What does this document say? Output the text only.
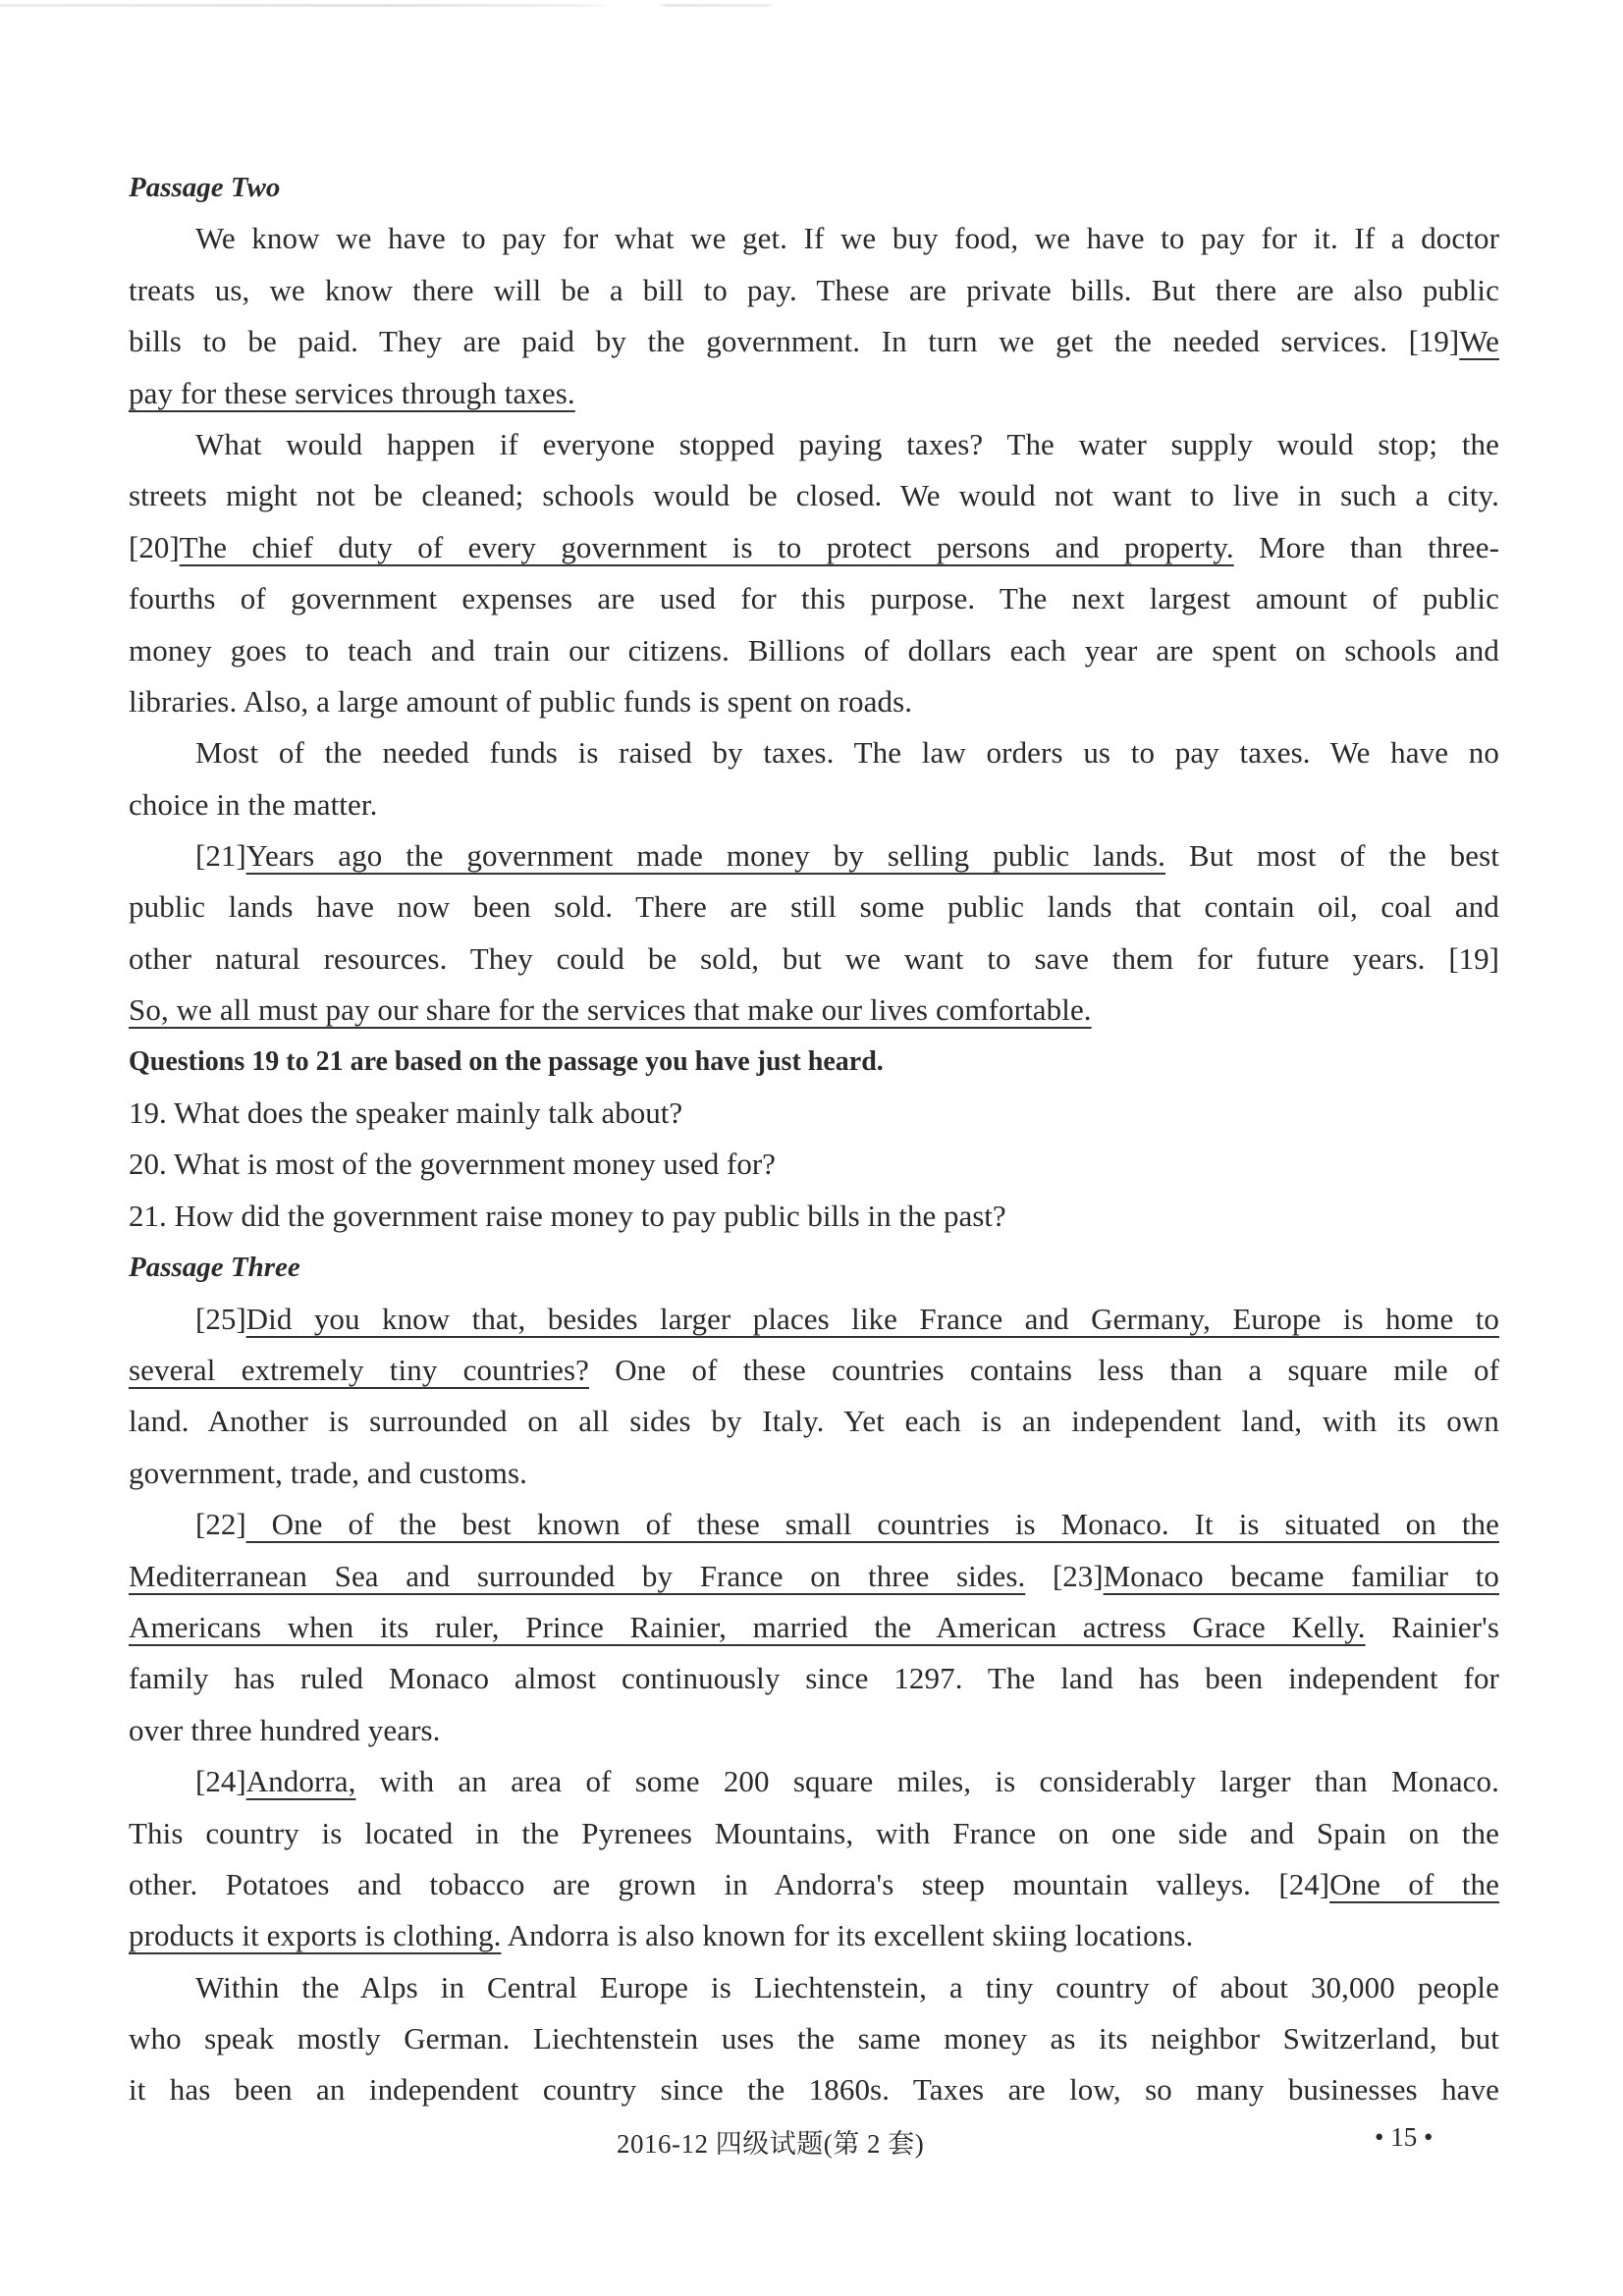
Passage Two
We know we have to pay for what we get. If we buy food, we have to pay for it. If a doctor
treats us, we know there will be a bill to pay. These are private bills. But there are also public
bills to be paid. They are paid by the government. In turn we get the needed services. [19]We
pay for these services through taxes.
What would happen if everyone stopped paying taxes? The water supply would stop; the
streets might not be cleaned; schools would be closed. We would not want to live in such a city.
[20]The chief duty of every government is to protect persons and property. More than three-
fourths of government expenses are used for this purpose. The next largest amount of public
money goes to teach and train our citizens. Billions of dollars each year are spent on schools and
libraries. Also, a large amount of public funds is spent on roads.
Most of the needed funds is raised by taxes. The law orders us to pay taxes. We have no
choice in the matter.
[21]Years ago the government made money by selling public lands. But most of the best
public lands have now been sold. There are still some public lands that contain oil, coal and
other natural resources. They could be sold, but we want to save them for future years. [19]
So, we all must pay our share for the services that make our lives comfortable.
Questions 19 to 21 are based on the passage you have just heard.
19. What does the speaker mainly talk about?
20. What is most of the government money used for?
21. How did the government raise money to pay public bills in the past?
Passage Three
[25]Did you know that, besides larger places like France and Germany, Europe is home to
several extremely tiny countries? One of these countries contains less than a square mile of
land. Another is surrounded on all sides by Italy. Yet each is an independent land, with its own
government, trade, and customs.
[22] One of the best known of these small countries is Monaco. It is situated on the
Mediterranean Sea and surrounded by France on three sides. [23]Monaco became familiar to
Americans when its ruler, Prince Rainier, married the American actress Grace Kelly. Rainier's
family has ruled Monaco almost continuously since 1297. The land has been independent for
over three hundred years.
[24]Andorra, with an area of some 200 square miles, is considerably larger than Monaco.
This country is located in the Pyrenees Mountains, with France on one side and Spain on the
other. Potatoes and tobacco are grown in Andorra's steep mountain valleys. [24]One of the
products it exports is clothing. Andorra is also known for its excellent skiing locations.
Within the Alps in Central Europe is Liechtenstein, a tiny country of about 30,000 people
who speak mostly German. Liechtenstein uses the same money as its neighbor Switzerland, but
it has been an independent country since the 1860s. Taxes are low, so many businesses have
2016-12 四级试题(第 2 套)	• 15 •
